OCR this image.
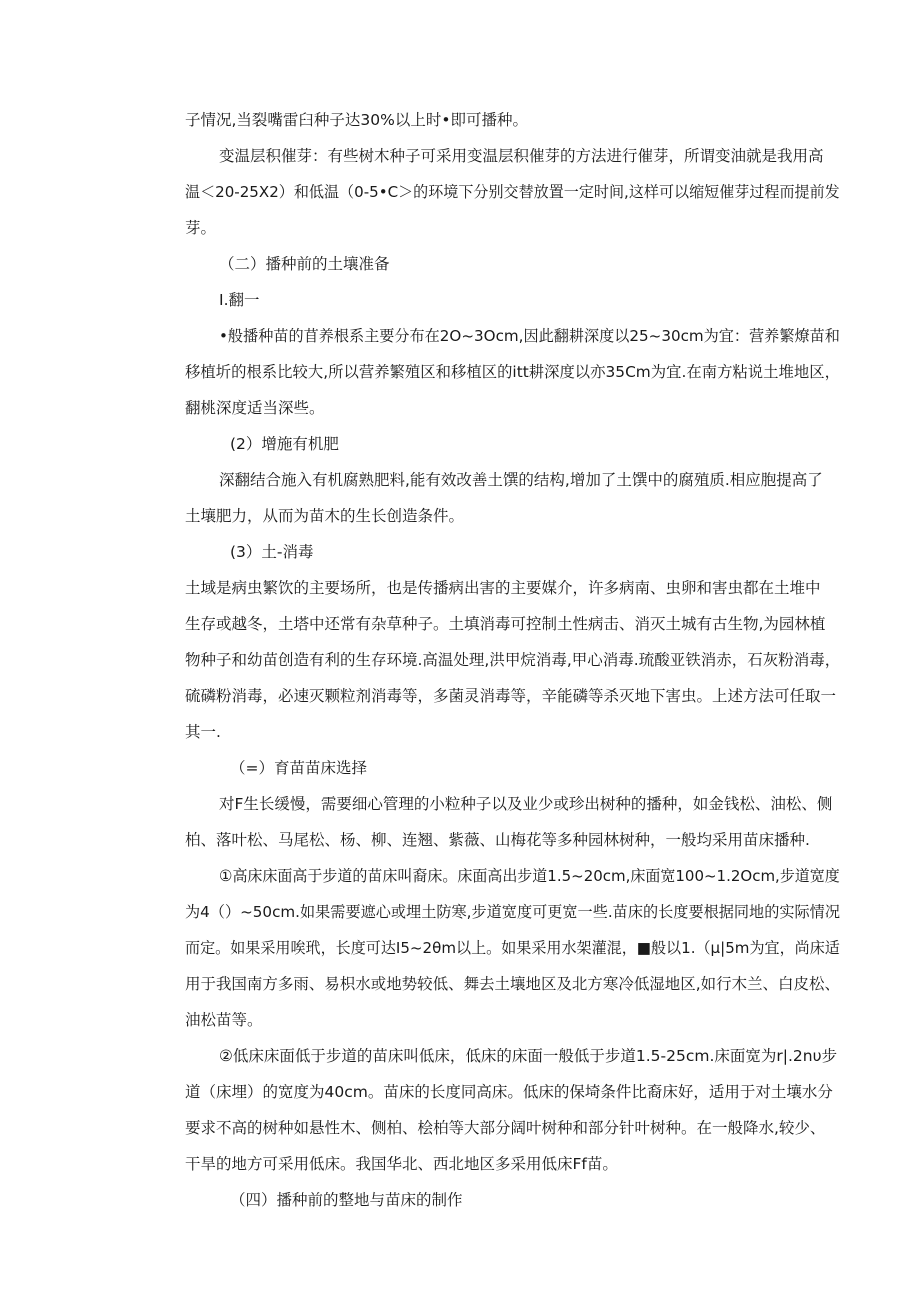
子情况,当裂嘴雷臼种子达30%以上时•即可播种。
变温层积催芽：有些树木种子可采用变温层积催芽的方法进行催芽，所谓变油就是我用高
温＜20-25X2）和低温（0-5•C＞的环境下分别交替放置一定时间,这样可以缩短催芽过程而提前发
芽。
（二）播种前的土壤准备
I.翻一
•般播种苗的苜养根系主要分布在2O~3Ocm,因此翻耕深度以25~30cm为宜：营养繁燎苗和
移植圻的根系比较大,所以营养繁殖区和移植区的itt耕深度以亦35Cm为宜.在南方粘说土堆地区，
翻桃深度适当深些。
(2）增施有机肥
深翻结合施入有机腐熟肥料,能有效改善土馔的结构,增加了土馔中的腐殖质.相应胞提高了
土壤肥力，从而为苗木的生长创造条件。
(3）土-消毒
土域是病虫繁饮的主要场所，也是传播病出害的主要媒介，许多病南、虫卵和害虫都在土堆中
生存或越冬，土塔中还常有杂草种子。土填消毒可控制土性病击、消灭土城有古生物,为园林植
物种子和幼苗创造有利的生存环境.高温处理,洪甲烷消毒,甲心消毒.琉酸亚铁消赤，石灰粉消毒，
硫磷粉消毒，必速灭颗粒剂消毒等，多菌灵消毒等，辛能磷等杀灭地下害虫。上述方法可任取一
其一.
（=）育苗苗床选择
对F生长缓慢，需要细心管理的小粒种子以及业少或珍出树种的播种，如金钱松、油松、侧
柏、落叶松、马尾松、杨、柳、连翘、紫薇、山梅花等多种园林树种，一般均采用苗床播种.
①高床床面高于步道的苗床叫裔床。床面高出步道1.5~20cm,床面宽100~1.2Ocm,步道宽度
为4（）~50cm.如果需要遮心或埋土防寒,步道宽度可更宽一些.苗床的长度要根据同地的实际情况
而定。如果采用唉玳，长度可达I5~2θm以上。如果采用水架灌混，■般以1.（μ|5m为宜，尚床适
用于我国南方多雨、易枳水或地势较低、舞去土壤地区及北方寒冷低湿地区,如行木兰、白皮松、
油松苗等。
②低床床面低于步道的苗床叫低床，低床的床面一般低于步道1.5-25cm.床面宽为r|.2nυ步
道（床埋）的宽度为40cm。苗床的长度同高床。低床的保埼条件比裔床好，适用于对土壤水分
要求不高的树种如悬性木、侧柏、桧柏等大部分阔叶树种和部分针叶树种。在一般降水,较少、
干旱的地方可采用低床。我国华北、西北地区多采用低床Ff苗。
（四）播种前的整地与苗床的制作
